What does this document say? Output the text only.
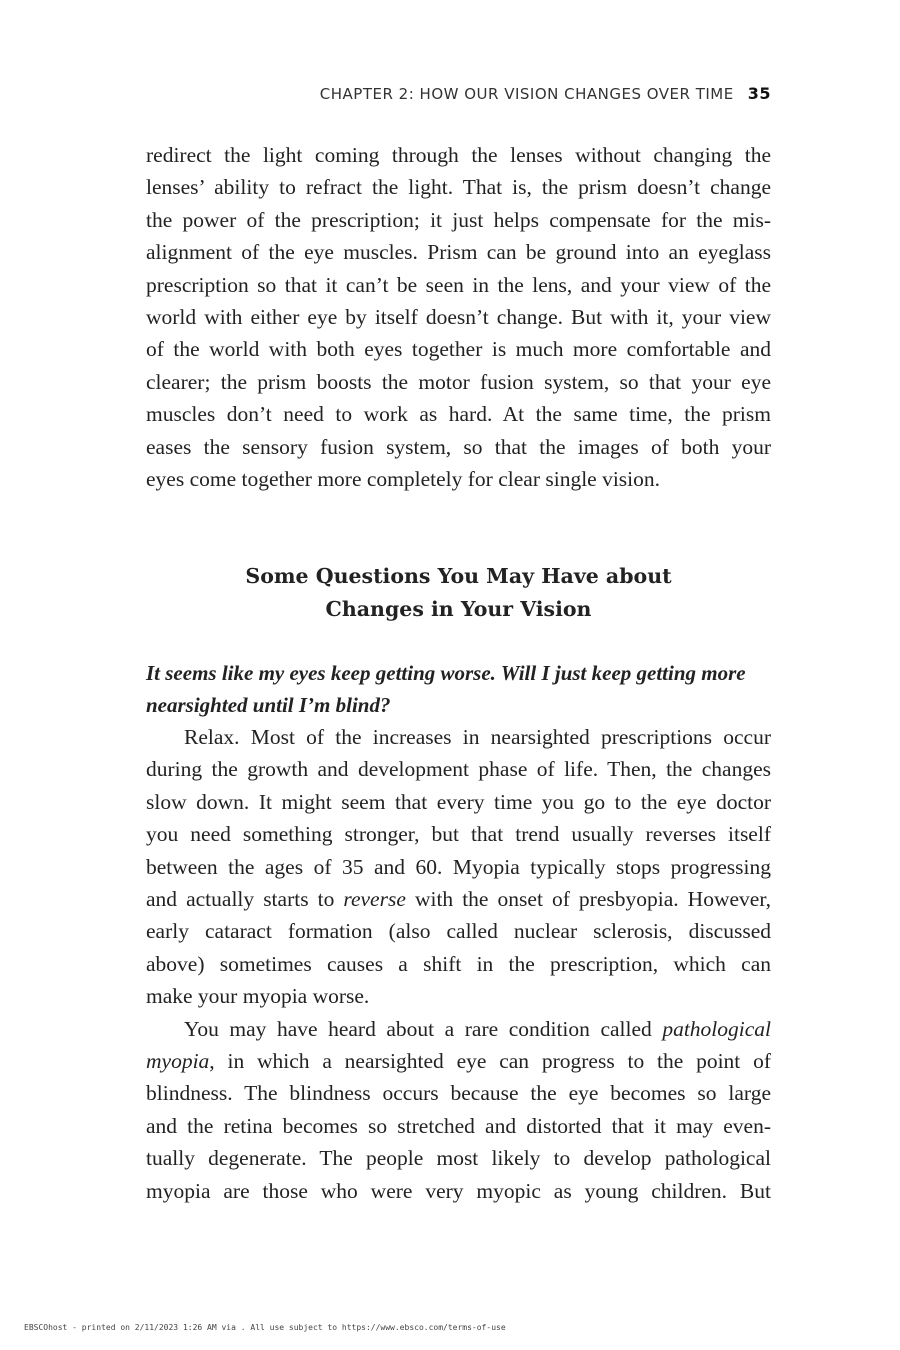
CHAPTER 2: HOW OUR VISION CHANGES OVER TIME 35
redirect the light coming through the lenses without changing the
lenses’ ability to refract the light. That is, the prism doesn’t change
the power of the prescription; it just helps compensate for the mis-
alignment of the eye muscles. Prism can be ground into an eyeglass
prescription so that it can’t be seen in the lens, and your view of the
world with either eye by itself doesn’t change. But with it, your view
of the world with both eyes together is much more comfortable and
clearer; the prism boosts the motor fusion system, so that your eye
muscles don’t need to work as hard. At the same time, the prism
eases the sensory fusion system, so that the images of both your
eyes come together more completely for clear single vision.
Some Questions You May Have about
Changes in Your Vision
It seems like my eyes keep getting worse. Will I just keep getting more
nearsighted until I’m blind?
Relax. Most of the increases in nearsighted prescriptions occur
during the growth and development phase of life. Then, the changes
slow down. It might seem that every time you go to the eye doctor
you need something stronger, but that trend usually reverses itself
between the ages of 35 and 60. Myopia typically stops progressing
and actually starts to reverse with the onset of presbyopia. However,
early cataract formation (also called nuclear sclerosis, discussed
above) sometimes causes a shift in the prescription, which can
make your myopia worse.
You may have heard about a rare condition called pathological
myopia, in which a nearsighted eye can progress to the point of
blindness. The blindness occurs because the eye becomes so large
and the retina becomes so stretched and distorted that it may even-
tually degenerate. The people most likely to develop pathological
myopia are those who were very myopic as young children. But
EBSCOhost - printed on 2/11/2023 1:26 AM via . All use subject to https://www.ebsco.com/terms-of-use
